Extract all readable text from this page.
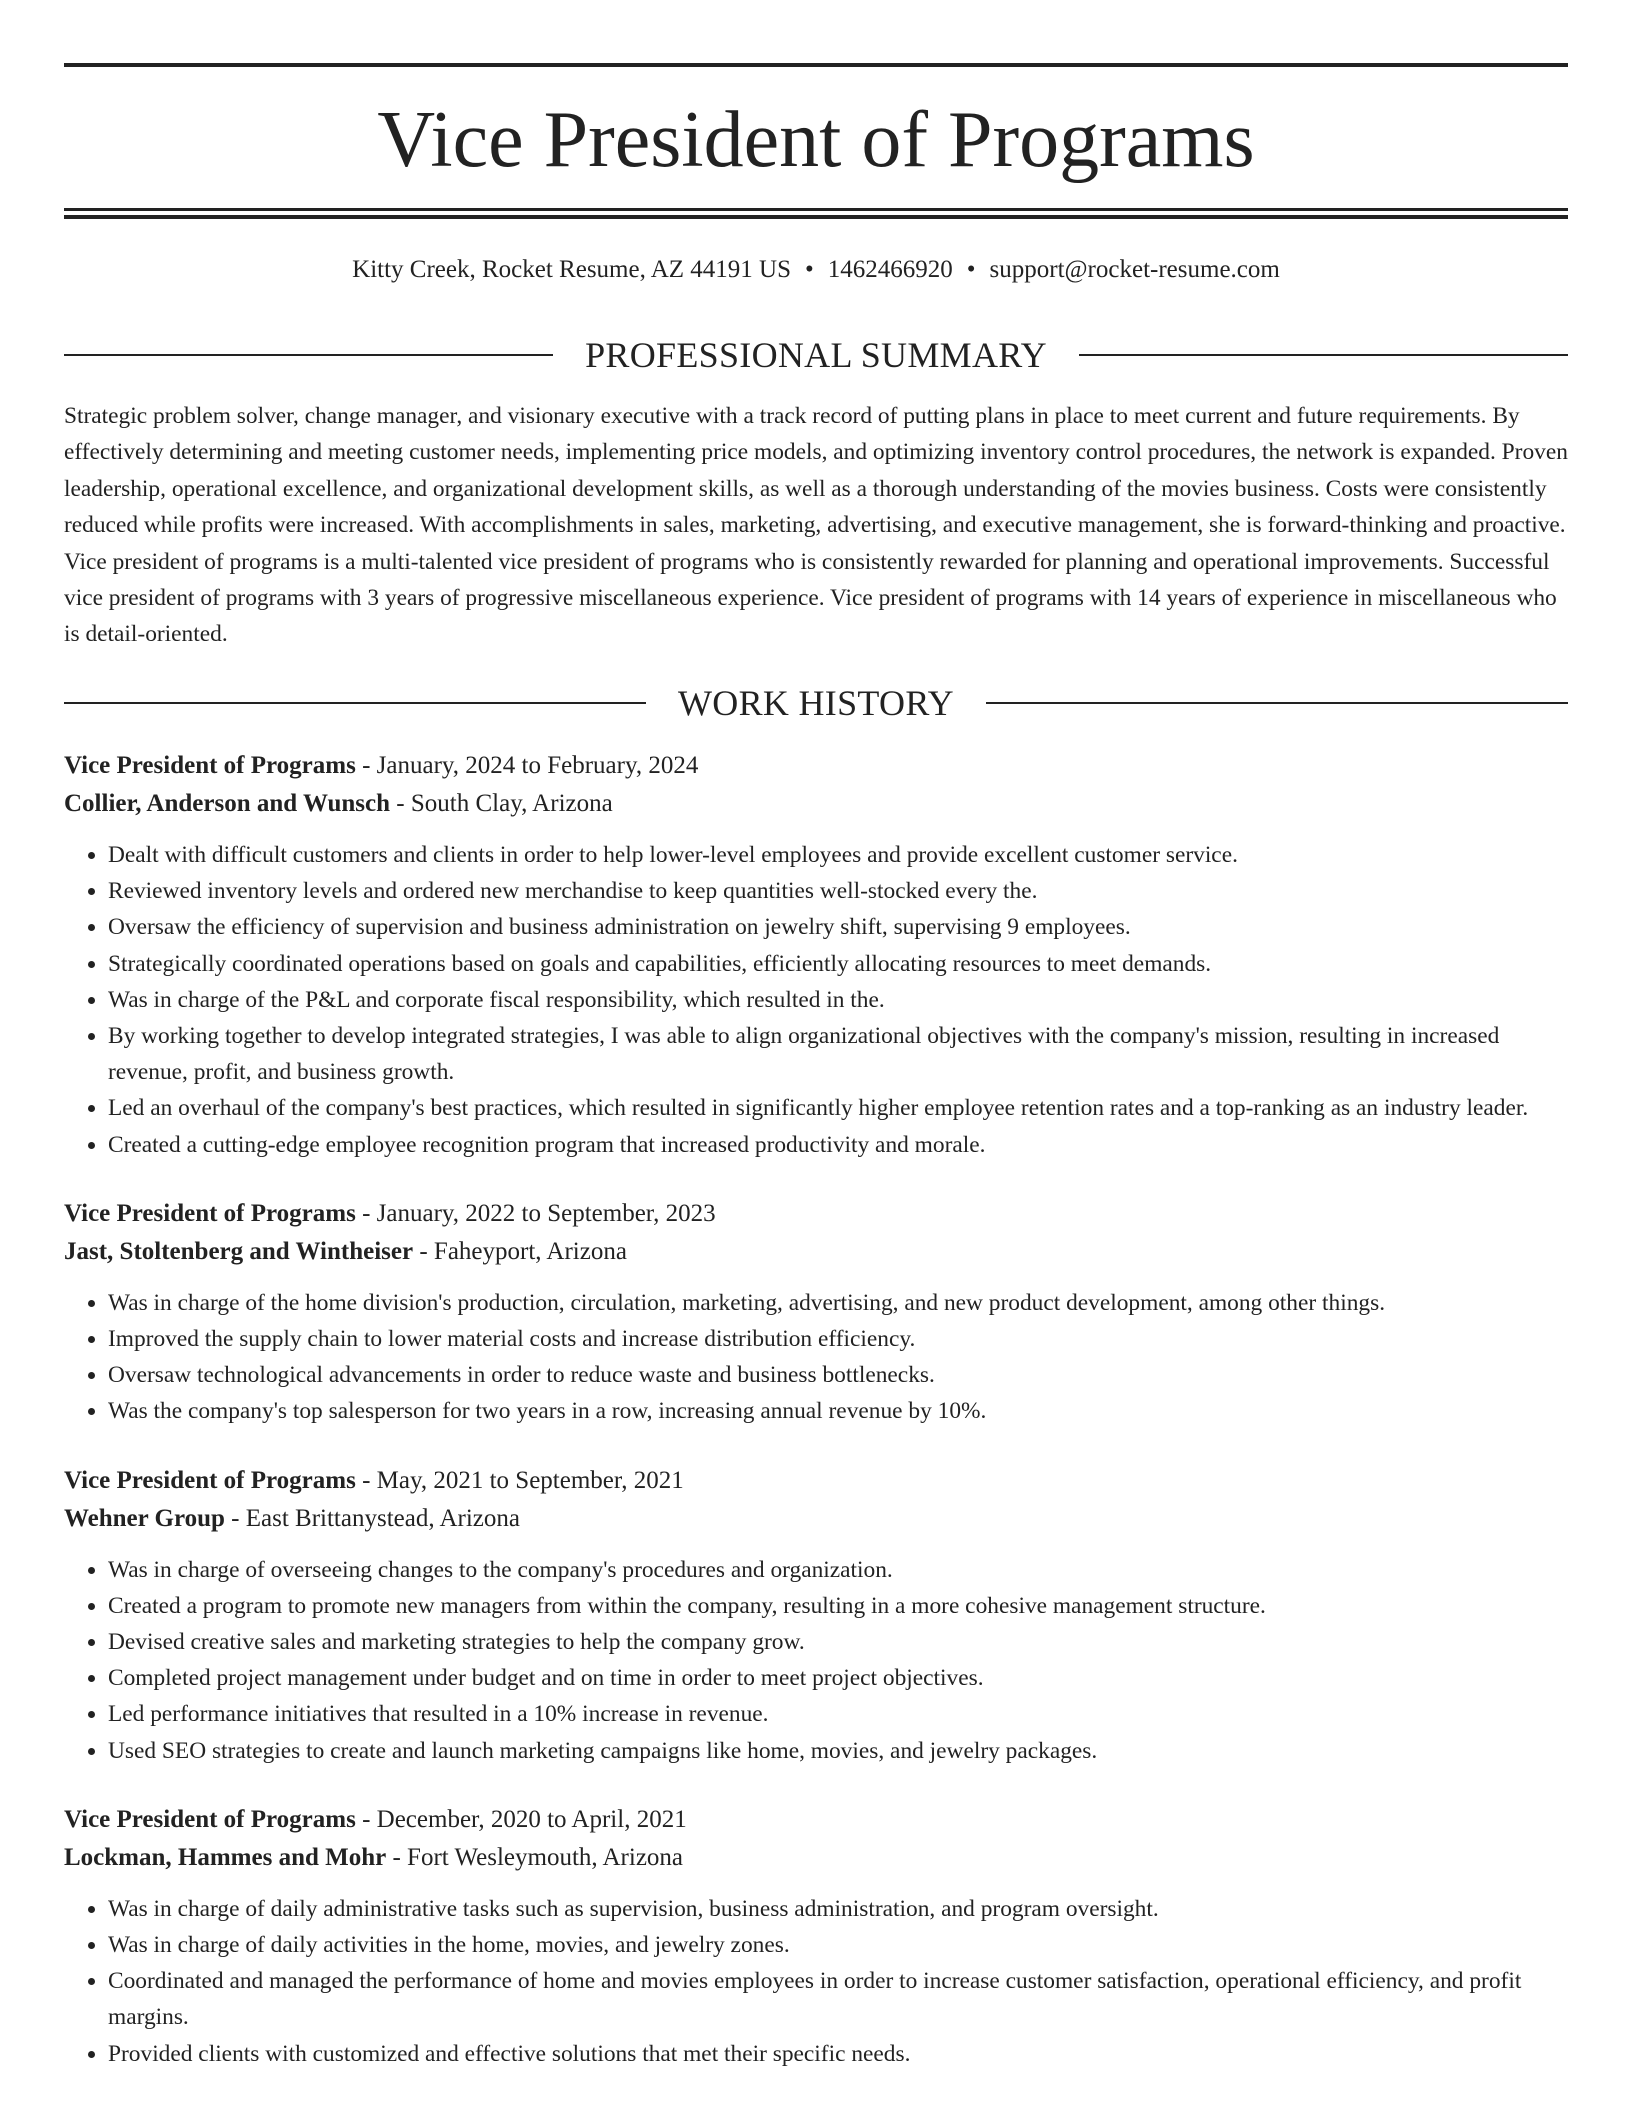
Vice President of Programs
Kitty Creek, Rocket Resume, AZ 44191 US • 1462466920 • support@rocket-resume.com
PROFESSIONAL SUMMARY

Strategic problem solver, change manager, and visionary executive with a track record of putting plans in place to meet current and future requirements. By effectively determining and meeting customer needs, implementing price models, and optimizing inventory control procedures, the network is expanded. Proven leadership, operational excellence, and organizational development skills, as well as a thorough understanding of the movies business. Costs were consistently reduced while profits were increased. With accomplishments in sales, marketing, advertising, and executive management, she is forward-thinking and proactive. Vice president of programs is a multi-talented vice president of programs who is consistently rewarded for planning and operational improvements. Successful vice president of programs with 3 years of progressive miscellaneous experience. Vice president of programs with 14 years of experience in miscellaneous who is detail-oriented.

WORK HISTORY
Vice President of Programs - January, 2024 to February, 2024
Collier, Anderson and Wunsch - South Clay, Arizona
• Dealt with difficult customers and clients in order to help lower-level employees and provide excellent customer service.
• Reviewed inventory levels and ordered new merchandise to keep quantities well-stocked every the.
• Oversaw the efficiency of supervision and business administration on jewelry shift, supervising 9 employees.
• Strategically coordinated operations based on goals and capabilities, efficiently allocating resources to meet demands.
• Was in charge of the P&L and corporate fiscal responsibility, which resulted in the.
• By working together to develop integrated strategies, I was able to align organizational objectives with the company's mission, resulting in increased revenue, profit, and business growth.
• Led an overhaul of the company's best practices, which resulted in significantly higher employee retention rates and a top-ranking as an industry leader.
• Created a cutting-edge employee recognition program that increased productivity and morale.
Vice President of Programs - January, 2022 to September, 2023
Jast, Stoltenberg and Wintheiser - Faheyport, Arizona
• Was in charge of the home division's production, circulation, marketing, advertising, and new product development, among other things.
• Improved the supply chain to lower material costs and increase distribution efficiency.
• Oversaw technological advancements in order to reduce waste and business bottlenecks.
• Was the company's top salesperson for two years in a row, increasing annual revenue by 10%.
Vice President of Programs - May, 2021 to September, 2021
Wehner Group - East Brittanystead, Arizona
• Was in charge of overseeing changes to the company's procedures and organization.
• Created a program to promote new managers from within the company, resulting in a more cohesive management structure.
• Devised creative sales and marketing strategies to help the company grow.
• Completed project management under budget and on time in order to meet project objectives.
• Led performance initiatives that resulted in a 10% increase in revenue.
• Used SEO strategies to create and launch marketing campaigns like home, movies, and jewelry packages.
Vice President of Programs - December, 2020 to April, 2021
Lockman, Hammes and Mohr - Fort Wesleymouth, Arizona
• Was in charge of daily administrative tasks such as supervision, business administration, and program oversight.
• Was in charge of daily activities in the home, movies, and jewelry zones.
• Coordinated and managed the performance of home and movies employees in order to increase customer satisfaction, operational efficiency, and profit margins.
• Provided clients with customized and effective solutions that met their specific needs.
